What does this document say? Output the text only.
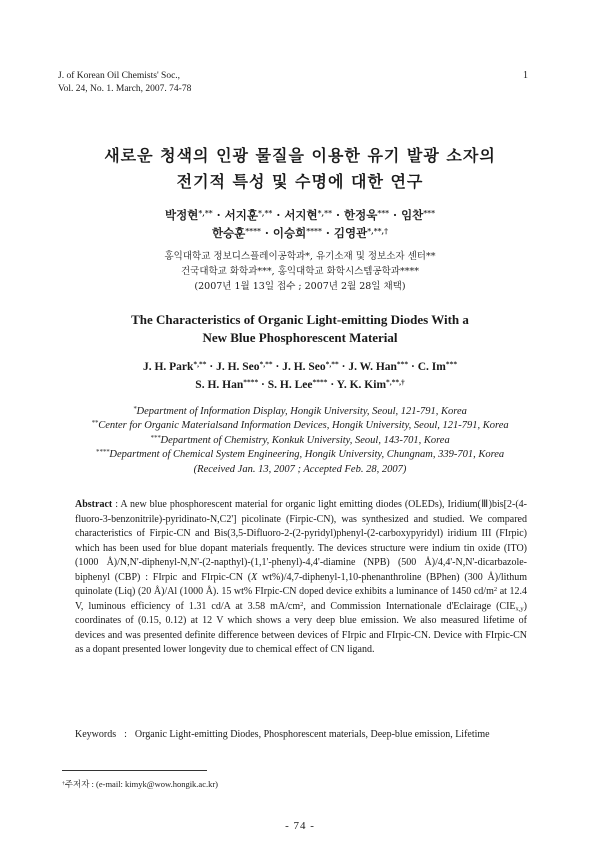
J. of Korean Oil Chemists' Soc.,
Vol. 24, No. 1. March, 2007. 74-78
1
새로운 청색의 인광 물질을 이용한 유기 발광 소자의
전기적 특성 및 수명에 대한 연구
박정현*,** · 서지훈*,** · 서지현*,** · 한정욱*** · 임찬***
한승훈**** · 이승희**** · 김영관*,**,†
홍익대학교 정보디스플레이공학과*, 유기소재 및 정보소자 센터**
건국대학교 화학과***, 홍익대학교 화학시스템공학과****
(2007년 1월 13일 접수 ; 2007년 2월 28일 채택)
The Characteristics of Organic Light-emitting Diodes With a
New Blue Phosphorescent Material
J. H. Park*,** · J. H. Seo*,** · J. H. Seo*,** · J. W. Han*** · C. Im***
S. H. Han**** · S. H. Lee**** · Y. K. Kim*,**,†
*Department of Information Display, Hongik University, Seoul, 121-791, Korea
**Center for Organic Materialsand Information Devices, Hongik University, Seoul, 121-791, Korea
***Department of Chemistry, Konkuk University, Seoul, 143-701, Korea
****Department of Chemical System Engineering, Hongik University, Chungnam, 339-701, Korea
(Received Jan. 13, 2007 ; Accepted Feb. 28, 2007)
Abstract : A new blue phosphorescent material for organic light emitting diodes (OLEDs), Iridium(Ⅲ)bis[2-(4-fluoro-3-benzonitrile)-pyridinato-N,C2'] picolinate (Firpic-CN), was synthesized and studied. We compared characteristics of Firpic-CN and Bis(3,5-Difluoro-2-(2-pyridyl)phenyl-(2-carboxypyridyl) iridium III (FIrpic) which has been used for blue dopant materials frequently. The devices structure were indium tin oxide (ITO) (1000 Å)/N,N'-diphenyl-N,N'-(2-napthyl)-(1,1'-phenyl)-4,4'-diamine (NPB) (500 Å)/4,4'-N,N'-dicarbazole-biphenyl (CBP) : FIrpic and FIrpic-CN (X wt%)/4,7-diphenyl-1,10-phenanthroline (BPhen) (300 Å)/lithum quinolate (Liq) (20 Å)/Al (1000 Å). 15 wt% FIrpic-CN doped device exhibits a luminance of 1450 $cd/m^2$ at 12.4 V, luminous efficiency of 1.31 cd/A at 3.58 $mA/cm^2$, and Commission Internationale d'Eclairage $(CIE_{x,y})$ coordinates of (0.15, 0.12) at 12 V which shows a very deep blue emission. We also measured lifetime of devices and was presented definite difference between devices of FIrpic and FIrpic-CN. Device with FIrpic-CN as a dopant presented lower longevity due to chemical effect of CN ligand.
Keywords : Organic Light-emitting Diodes, Phosphorescent materials, Deep-blue emission, Lifetime
†주저자 : (e-mail: kimyk@wow.hongik.ac.kr)
- 74 -
